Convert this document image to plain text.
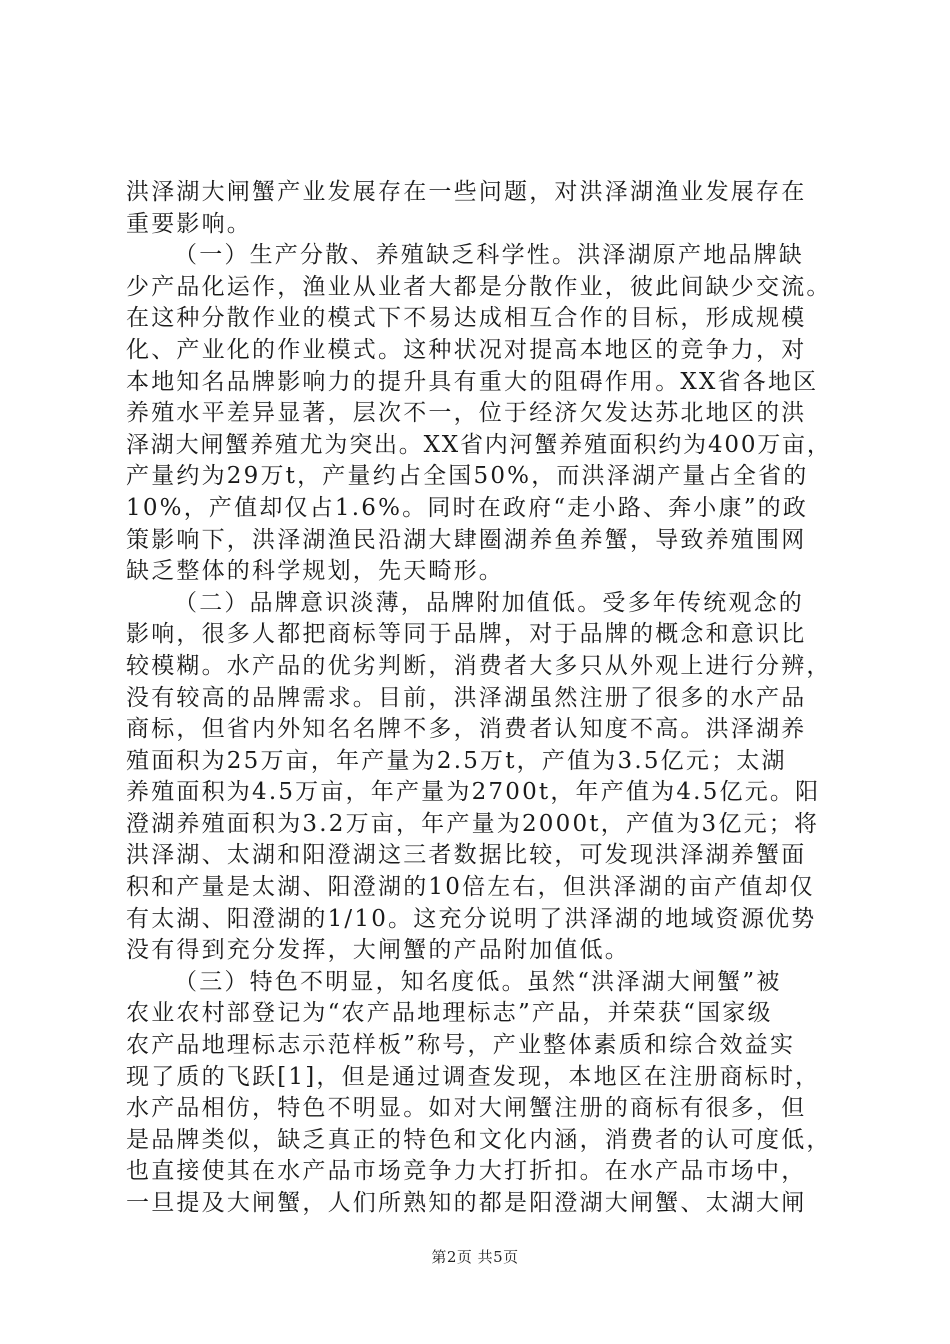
洪泽湖大闸蟹产业发展存在一些问题，对洪泽湖渔业发展存在
重要影响。
（一）生产分散、养殖缺乏科学性。洪泽湖原产地品牌缺
少产品化运作，渔业从业者大都是分散作业，彼此间缺少交流。
在这种分散作业的模式下不易达成相互合作的目标，形成规模
化、产业化的作业模式。这种状况对提高本地区的竞争力，对
本地知名品牌影响力的提升具有重大的阻碍作用。XX省各地区
养殖水平差异显著，层次不一，位于经济欠发达苏北地区的洪
泽湖大闸蟹养殖尤为突出。XX省内河蟹养殖面积约为400万亩，
产量约为29万t，产量约占全国50%，而洪泽湖产量占全省的
10%，产值却仅占1.6%。同时在政府“走小路、奔小康”的政
策影响下，洪泽湖渔民沿湖大肆圈湖养鱼养蟹，导致养殖围网
缺乏整体的科学规划，先天畸形。
（二）品牌意识淡薄，品牌附加值低。受多年传统观念的
影响，很多人都把商标等同于品牌，对于品牌的概念和意识比
较模糊。水产品的优劣判断，消费者大多只从外观上进行分辨，
没有较高的品牌需求。目前，洪泽湖虽然注册了很多的水产品
商标，但省内外知名名牌不多，消费者认知度不高。洪泽湖养
殖面积为25万亩，年产量为2.5万t，产值为3.5亿元；太湖
养殖面积为4.5万亩，年产量为2700t，年产值为4.5亿元。阳
澄湖养殖面积为3.2万亩，年产量为2000t，产值为3亿元；将
洪泽湖、太湖和阳澄湖这三者数据比较，可发现洪泽湖养蟹面
积和产量是太湖、阳澄湖的10倍左右，但洪泽湖的亩产值却仅
有太湖、阳澄湖的1/10。这充分说明了洪泽湖的地域资源优势
没有得到充分发挥，大闸蟹的产品附加值低。
（三）特色不明显，知名度低。虽然“洪泽湖大闸蟹”被
农业农村部登记为“农产品地理标志”产品，并荣获“国家级
农产品地理标志示范样板”称号，产业整体素质和综合效益实
现了质的飞跃[1]，但是通过调查发现，本地区在注册商标时，
水产品相仿，特色不明显。如对大闸蟹注册的商标有很多，但
是品牌类似，缺乏真正的特色和文化内涵，消费者的认可度低，
也直接使其在水产品市场竞争力大打折扣。在水产品市场中，
一旦提及大闸蟹，人们所熟知的都是阳澄湖大闸蟹、太湖大闸
第2页 共5页
